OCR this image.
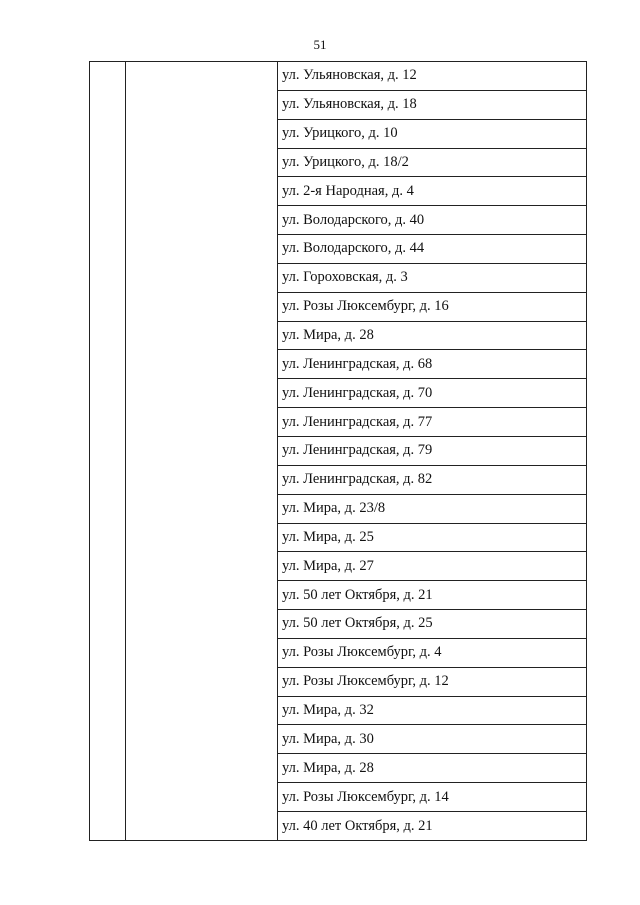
51
ул. Ульяновская, д. 12
ул. Ульяновская, д. 18
ул. Урицкого, д. 10
ул. Урицкого, д. 18/2
ул. 2-я Народная, д. 4
ул. Володарского, д. 40
ул. Володарского, д. 44
ул. Гороховская, д. 3
ул. Розы Люксембург, д. 16
ул. Мира, д. 28
ул. Ленинградская, д. 68
ул. Ленинградская, д. 70
ул. Ленинградская, д. 77
ул. Ленинградская, д. 79
ул. Ленинградская, д. 82
ул. Мира, д. 23/8
ул. Мира, д. 25
ул. Мира, д. 27
ул. 50 лет Октября, д. 21
ул. 50 лет Октября, д. 25
ул. Розы Люксембург, д. 4
ул. Розы Люксембург, д. 12
ул. Мира, д. 32
ул. Мира, д. 30
ул. Мира, д. 28
ул. Розы Люксембург, д. 14
ул. 40 лет Октября, д. 21
